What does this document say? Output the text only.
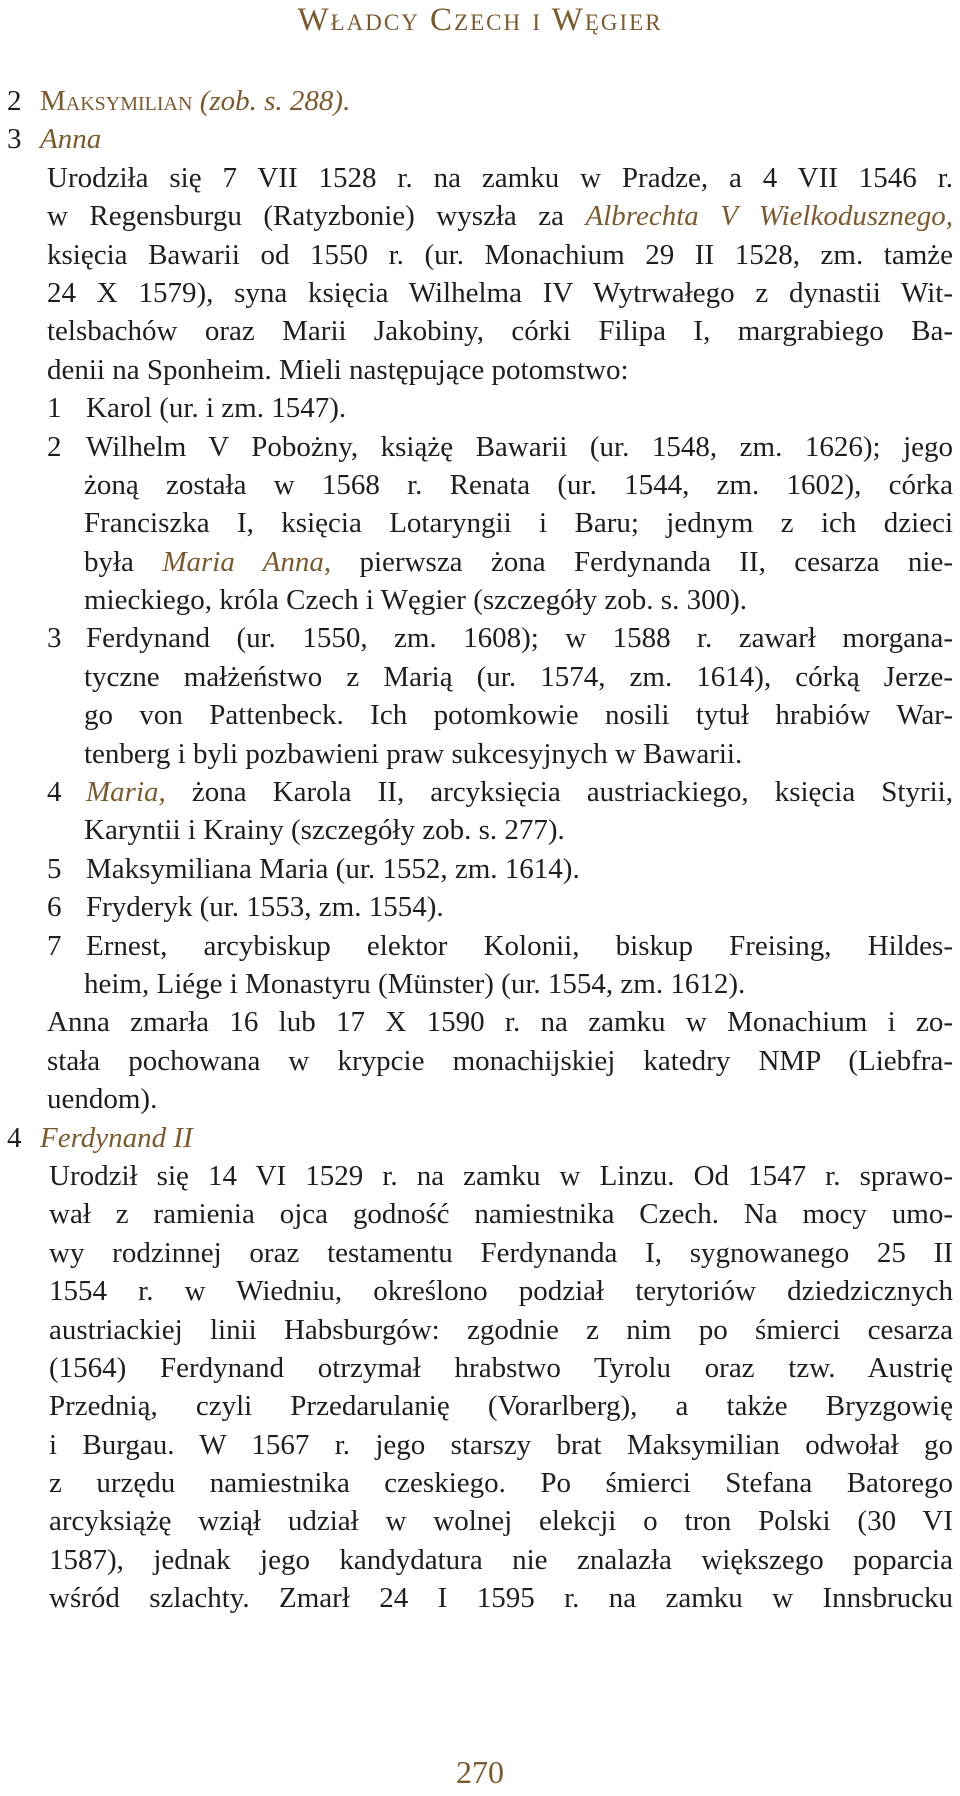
Władcy Czech i Węgier
2 Maksymilian (zob. s. 288).
3 Anna
Urodziła się 7 VII 1528 r. na zamku w Pradze, a 4 VII 1546 r.
w Regensburgu (Ratyzbonie) wyszła za Albrechta V Wielkodusznego,
księcia Bawarii od 1550 r. (ur. Monachium 29 II 1528, zm. tamże
24 X 1579), syna księcia Wilhelma IV Wytrwałego z dynastii Wit-
telsbachów oraz Marii Jakobiny, córki Filipa I, margrabiego Ba-
denii na Sponheim. Mieli następujące potomstwo:
1 Karol (ur. i zm. 1547).
2 Wilhelm V Pobożny, książę Bawarii (ur. 1548, zm. 1626); jego
żoną została w 1568 r. Renata (ur. 1544, zm. 1602), córka
Franciszka I, księcia Lotaryngii i Baru; jednym z ich dzieci
była Maria Anna, pierwsza żona Ferdynanda II, cesarza nie-
mieckiego, króla Czech i Węgier (szczegóły zob. s. 300).
3 Ferdynand (ur. 1550, zm. 1608); w 1588 r. zawarł morgana-
tyczne małżeństwo z Marią (ur. 1574, zm. 1614), córką Jerze-
go von Pattenbeck. Ich potomkowie nosili tytuł hrabiów War-
tenberg i byli pozbawieni praw sukcesyjnych w Bawarii.
4 Maria, żona Karola II, arcyksięcia austriackiego, księcia Styrii,
Karyntii i Krainy (szczegóły zob. s. 277).
5 Maksymiliana Maria (ur. 1552, zm. 1614).
6 Fryderyk (ur. 1553, zm. 1554).
7 Ernest, arcybiskup elektor Kolonii, biskup Freising, Hildes-
heim, Liége i Monastyru (Münster) (ur. 1554, zm. 1612).
Anna zmarła 16 lub 17 X 1590 r. na zamku w Monachium i zo-
stała pochowana w krypcie monachijskiej katedry NMP (Liebfra-
uendom).
4 Ferdynand II
Urodził się 14 VI 1529 r. na zamku w Linzu. Od 1547 r. sprawo-
wał z ramienia ojca godność namiestnika Czech. Na mocy umo-
wy rodzinnej oraz testamentu Ferdynanda I, sygnowanego 25 II
1554 r. w Wiedniu, określono podział terytoriów dziedzicznych
austriackiej linii Habsburgów: zgodnie z nim po śmierci cesarza
(1564) Ferdynand otrzymał hrabstwo Tyrolu oraz tzw. Austrię
Przednią, czyli Przedarulanię (Vorarlberg), a także Bryzgowię
i Burgau. W 1567 r. jego starszy brat Maksymilian odwołał go
z urzędu namiestnika czeskiego. Po śmierci Stefana Batorego
arcyksiążę wziął udział w wolnej elekcji o tron Polski (30 VI
1587), jednak jego kandydatura nie znalazła większego poparcia
wśród szlachty. Zmarł 24 I 1595 r. na zamku w Innsbrucku
270
